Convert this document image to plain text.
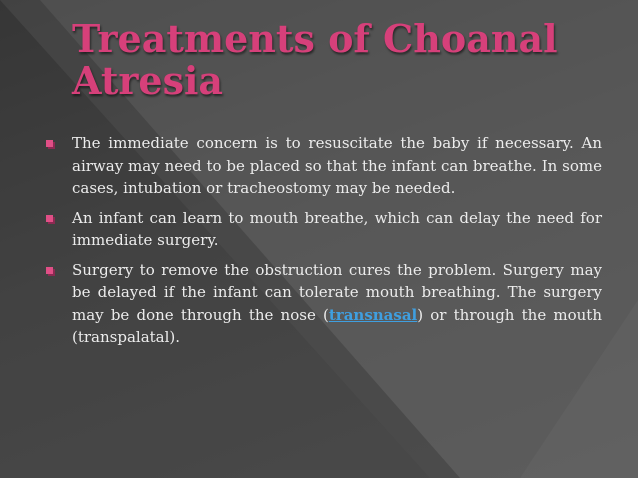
Treatments of Choanal Atresia
The immediate concern is to resuscitate the baby if necessary. An airway may need to be placed so that the infant can breathe. In some cases, intubation or tracheostomy may be needed.
An infant can learn to mouth breathe, which can delay the need for immediate surgery.
Surgery to remove the obstruction cures the problem. Surgery may be delayed if the infant can tolerate mouth breathing. The surgery may be done through the nose (transnasal) or through the mouth (transpalatal).
